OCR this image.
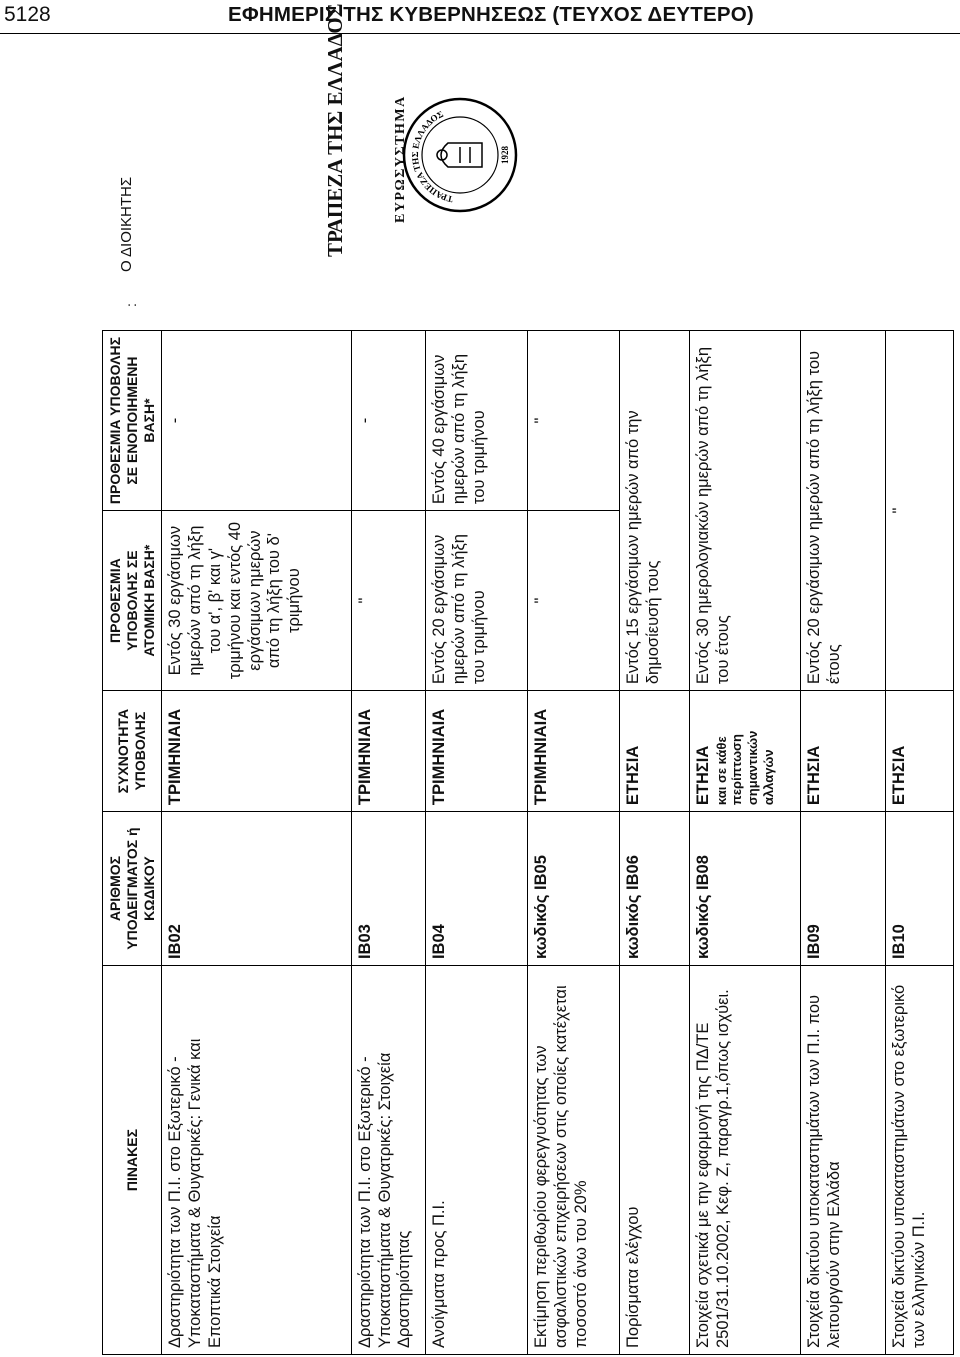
5128	ΕΦΗΜΕΡΙΣ ΤΗΣ ΚΥΒΕΡΝΗΣΕΩΣ (ΤΕΥΧΟΣ ΔΕΥΤΕΡΟ)
ΠΙΝΑΚΕΣ	ΑΡΙΘΜΟΣ ΥΠΟΔΕΙΓΜΑΤΟΣ ή ΚΩΔΙΚΟΥ	ΣΥΧΝΟΤΗΤΑ ΥΠΟΒΟΛΗΣ	ΠΡΟΘΕΣΜΙΑ ΥΠΟΒΟΛΗΣ ΣΕ ΑΤΟΜΙΚΗ ΒΑΣΗ*	ΠΡΟΘΕΣΜΙΑ ΥΠΟΒΟΛΗΣ ΣΕ ΕΝΟΠΟΙΗΜΕΝΗ ΒΑΣΗ*
Δραστηριότητα των Π.Ι. στο Εξωτερικό - Υποκαταστήματα & Θυγατρικές: Γενικά και Εποπτικά Στοιχεία	ΙΒ02	ΤΡΙΜΗΝΙΑΙΑ	Εντός 30 εργάσιμων ημερών από τη λήξη του α', β' και γ' τριμήνου και εντός 40 εργάσιμων ημερών από τη λήξη του δ' τριμήνου	-
Δραστηριότητα των Π.Ι. στο Εξωτερικό - Υποκαταστήματα & Θυγατρικές: Στοιχεία Δραστηριότητας	ΙΒ03	ΤΡΙΜΗΝΙΑΙΑ	"	-
Ανοίγματα προς Π.Ι.	ΙΒ04	ΤΡΙΜΗΝΙΑΙΑ	Εντός 20 εργάσιμων ημερών από τη λήξη του τριμήνου	Εντός 40 εργάσιμων ημερών από τη λήξη του τριμήνου
Εκτίμηση περιθωρίου φερεγγυότητας των ασφαλιστικών επιχειρήσεων στις οποίες κατέχεται ποσοστό άνω του 20%	κωδικός ΙΒ05	ΤΡΙΜΗΝΙΑΙΑ	"	"
Πορίσματα ελέγχου	κωδικός ΙΒ06	ΕΤΗΣΙΑ	Εντός 15 εργάσιμων ημερών από την δημοσίευσή τους	
Στοιχεία σχετικά με την εφαρμογή της ΠΔ/ΤΕ 2501/31.10.2002, Κεφ. Ζ, παραγρ.1,όπως ισχύει.	κωδικός ΙΒ08	ΕΤΗΣΙΑ και σε κάθε περίπτωση σημαντικών αλλαγών	Εντός 30 ημερολογιακών ημερών από τη λήξη του έτους	
Στοιχεία δικτύου υποκαταστημάτων των Π.Ι. που λειτουργούν στην Ελλάδα	ΙΒ09	ΕΤΗΣΙΑ	Εντός 20 εργάσιμων ημερών από τη λήξη του έτους	
Στοιχεία δικτύου υποκαταστημάτων στο εξωτερικό των ελληνικών Π.Ι.	ΙΒ10	ΕΤΗΣΙΑ	"	
Ο ΔΙΟΙΚΗΤΗΣ
:
ΤΡΑΠΕΖΑ ΤΗΣ ΕΛΛΑΔΟΣ	ΕΥΡΩΣΥΣΤΗΜΑ	ΤΡΑΠΕΖΑ ΤΗΣ ΕΛΛΑΔΟΣ
1928
